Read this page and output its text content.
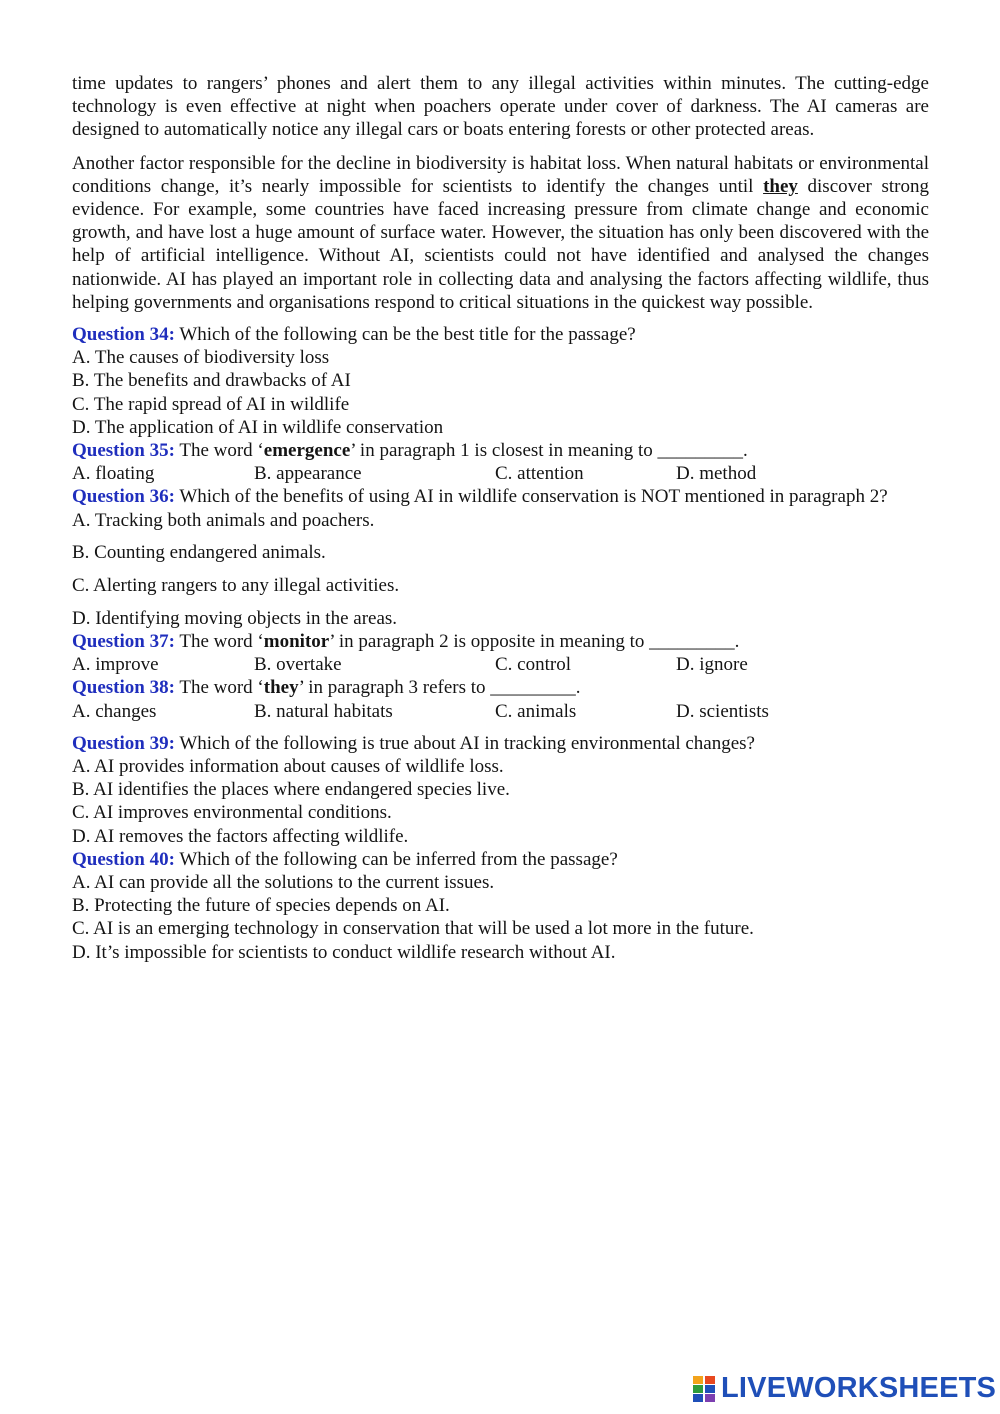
time updates to rangers’ phones and alert them to any illegal activities within minutes. The cutting-edge technology is even effective at night when poachers operate under cover of darkness. The AI cameras are designed to automatically notice any illegal cars or boats entering forests or other protected areas.

Another factor responsible for the decline in biodiversity is habitat loss. When natural habitats or environmental conditions change, it’s nearly impossible for scientists to identify the changes until they discover strong evidence. For example, some countries have faced increasing pressure from climate change and economic growth, and have lost a huge amount of surface water. However, the situation has only been discovered with the help of artificial intelligence. Without AI, scientists could not have identified and analysed the changes nationwide. AI has played an important role in collecting data and analysing the factors affecting wildlife, thus helping governments and organisations respond to critical situations in the quickest way possible.

Question 34: Which of the following can be the best title for the passage?

A. The causes of biodiversity loss

B. The benefits and drawbacks of AI

C. The rapid spread of AI in wildlife

D. The application of AI in wildlife conservation

Question 35: The word ‘emergence’ in paragraph 1 is closest in meaning to _________.

A. floating	B. appearance	C. attention	D. method

Question 36: Which of the benefits of using AI in wildlife conservation is NOT mentioned in paragraph 2?

A. Tracking both animals and poachers.

B. Counting endangered animals.

C. Alerting rangers to any illegal activities.

D. Identifying moving objects in the areas.

Question 37: The word ‘monitor’ in paragraph 2 is opposite in meaning to _________.

A. improve	B. overtake	C. control	D. ignore

Question 38: The word ‘they’ in paragraph 3 refers to _________.

A. changes	B. natural habitats	C. animals	D. scientists

Question 39: Which of the following is true about AI in tracking environmental changes?

A. AI provides information about causes of wildlife loss.

B. AI identifies the places where endangered species live.

C. AI improves environmental conditions.

D. AI removes the factors affecting wildlife.

Question 40: Which of the following can be inferred from the passage?

A. AI can provide all the solutions to the current issues.

B. Protecting the future of species depends on AI.

C. AI is an emerging technology in conservation that will be used a lot more in the future.

D. It’s impossible for scientists to conduct wildlife research without AI.

LIVEWORKSHEETS
